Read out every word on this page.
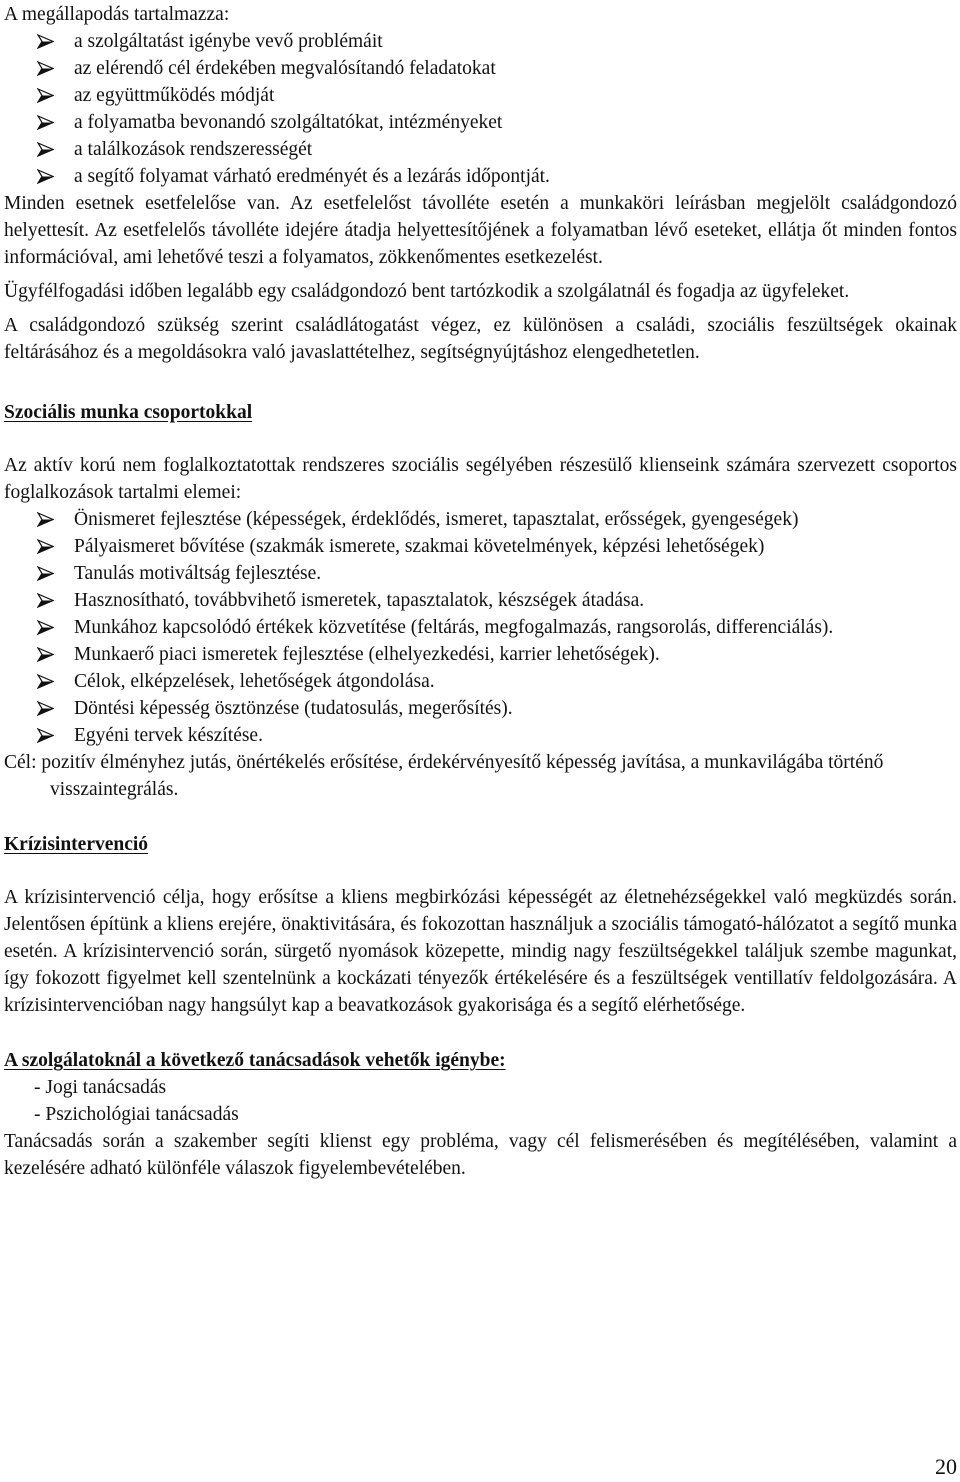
A megállapodás tartalmazza:

a szolgáltatást igénybe vevő problémáit
az elérendő cél érdekében megvalósítandó feladatokat
az együttműködés módját
a folyamatba bevonandó szolgáltatókat, intézményeket
a találkozások rendszerességét
a segítő folyamat várható eredményét és a lezárás időpontját.

Minden esetnek esetfelelőse van. Az esetfelelőst távolléte esetén a munkaköri leírásban megjelölt családgondozó helyettesít. Az esetfelelős távolléte idejére átadja helyettesítőjének a folyamatban lévő eseteket, ellátja őt minden fontos információval, ami lehetővé teszi a folyamatos, zökkenőmentes esetkezelést.

Ügyfélfogadási időben legalább egy családgondozó bent tartózkodik a szolgálatnál és fogadja az ügyfeleket.

A családgondozó szükség szerint családlátogatást végez, ez különösen a családi, szociális feszültségek okainak feltárásához és a megoldásokra való javaslattételhez, segítségnyújtáshoz elengedhetetlen.

Szociális munka csoportokkal

Az aktív korú nem foglalkoztatottak rendszeres szociális segélyében részesülő klienseink számára szervezett csoportos foglalkozások tartalmi elemei:

Önismeret fejlesztése (képességek, érdeklődés, ismeret, tapasztalat, erősségek, gyengeségek)
Pályaismeret bővítése (szakmák ismerete, szakmai követelmények, képzési lehetőségek)
Tanulás motiváltság fejlesztése.
Hasznosítható, továbbvihető ismeretek, tapasztalatok, készségek átadása.
Munkához kapcsolódó értékek közvetítése (feltárás, megfogalmazás, rangsorolás, differenciálás).
Munkaerő piaci ismeretek fejlesztése (elhelyezkedési, karrier lehetőségek).
Célok, elképzelések, lehetőségek átgondolása.
Döntési képesség ösztönzése (tudatosulás, megerősítés).
Egyéni tervek készítése.

Cél: pozitív élményhez jutás, önértékelés erősítése, érdekérvényesítő képesség javítása, a munkavilágába történő visszaintegrálás.

Krízisintervenció

A krízisintervenció célja, hogy erősítse a kliens megbirkózási képességét az életnehézségekkel való megküzdés során. Jelentősen építünk a kliens erejére, önaktivitására, és fokozottan használjuk a szociális támogató-hálózatot a segítő munka esetén. A krízisintervenció során, sürgető nyomások közepette, mindig nagy feszültségekkel találjuk szembe magunkat, így fokozott figyelmet kell szentelnünk a kockázati tényezők értékelésére és a feszültségek ventillatív feldolgozására. A krízisintervencióban nagy hangsúlyt kap a beavatkozások gyakorisága és a segítő elérhetősége.

A szolgálatoknál a következő tanácsadások vehetők igénybe:
- Jogi tanácsadás
- Pszichológiai tanácsadás

Tanácsadás során a szakember segíti klienst egy probléma, vagy cél felismerésében és megítélésében, valamint a kezelésére adható különféle válaszok figyelembevételében.

20
